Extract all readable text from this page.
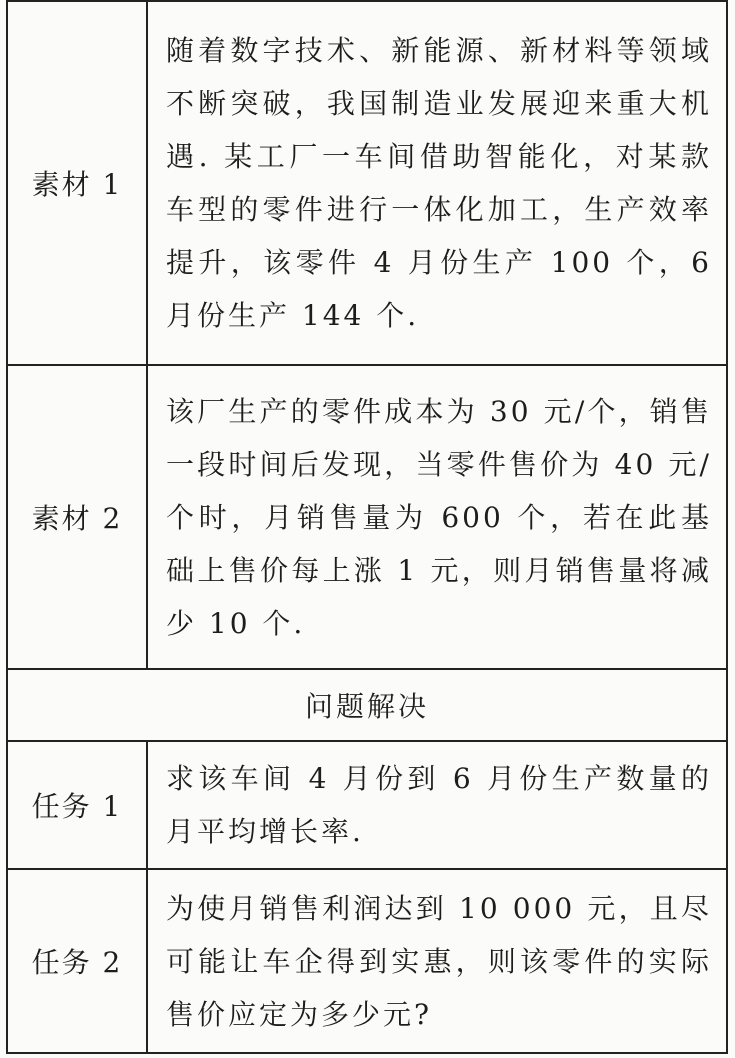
素材 1	随着数字技术、新能源、新材料等领域不断突破，我国制造业发展迎来重大机遇. 某工厂一车间借助智能化，对某款车型的零件进行一体化加工，生产效率提升，该零件 4 月份生产 100 个，6 月份生产 144 个.
素材 2	该厂生产的零件成本为 30 元/个，销售一段时间后发现，当零件售价为 40 元/个时，月销售量为 600 个，若在此基础上售价每上涨 1 元，则月销售量将减少 10 个.
问题解决	
任务 1	求该车间 4 月份到 6 月份生产数量的月平均增长率.
任务 2	为使月销售利润达到 10 000 元，且尽可能让车企得到实惠，则该零件的实际售价应定为多少元?
